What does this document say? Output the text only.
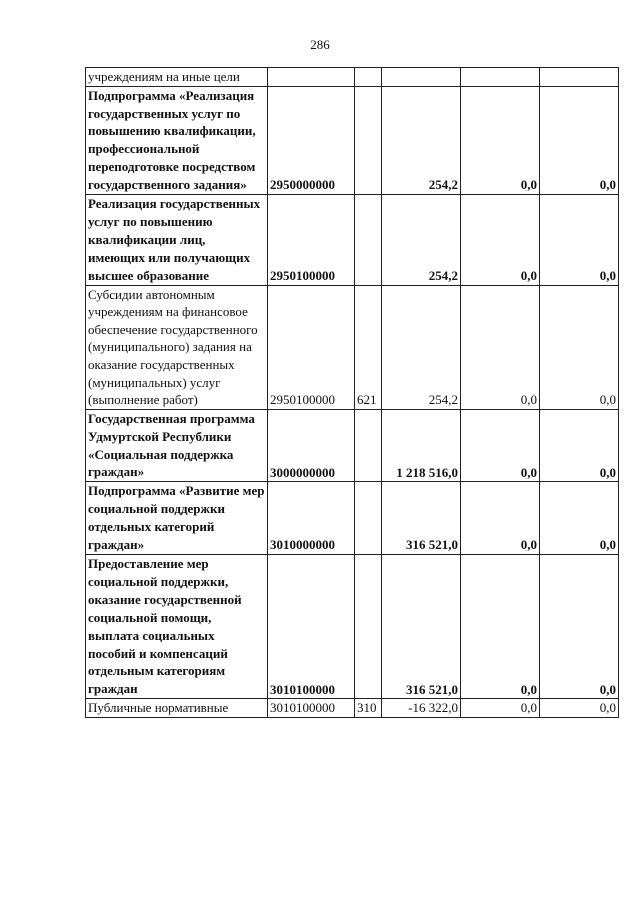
286
учреждениям на иные цели					
Подпрограмма «Реализация государственных услуг по повышению квалификации, профессиональной переподготовке посредством государственного задания»	2950000000		254,2	0,0	0,0
Реализация государственных услуг по повышению квалификации лиц, имеющих или получающих высшее образование	2950100000		254,2	0,0	0,0
Субсидии автономным учреждениям на финансовое обеспечение государственного (муниципального) задания на оказание государственных (муниципальных) услуг (выполнение работ)	2950100000	621	254,2	0,0	0,0
Государственная программа Удмуртской Республики «Социальная поддержка граждан»	3000000000		1 218 516,0	0,0	0,0
Подпрограмма «Развитие мер социальной поддержки отдельных категорий граждан»	3010000000		316 521,0	0,0	0,0
Предоставление мер социальной поддержки, оказание государственной социальной помощи, выплата социальных пособий и компенсаций отдельным категориям граждан	3010100000		316 521,0	0,0	0,0
Публичные нормативные	3010100000	310	-16 322,0	0,0	0,0
